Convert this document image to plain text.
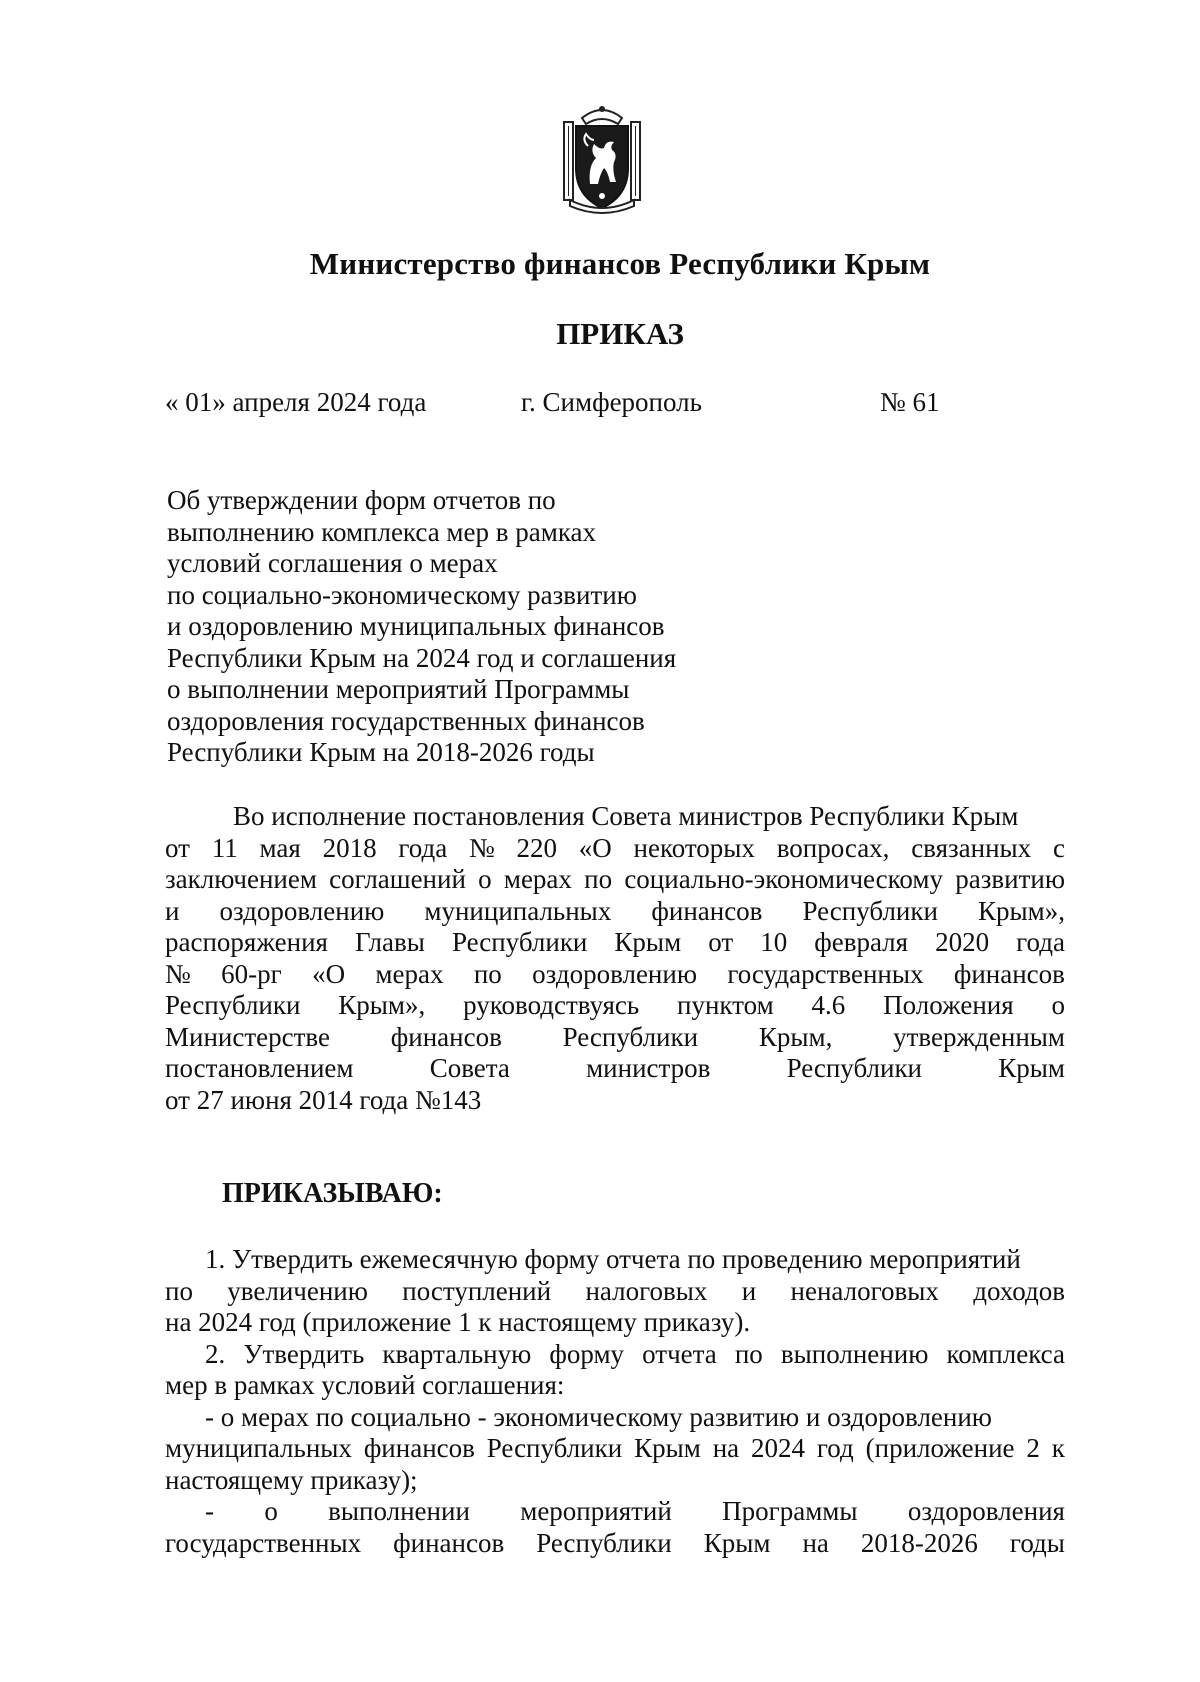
Министерство финансов Республики Крым
ПРИКАЗ
« 01» апреля 2024 года	г. Симферополь	№ 61
Об утверждении форм отчетов по
выполнению комплекса мер в рамках
условий соглашения о мерах
по социально-экономическому развитию
и оздоровлению муниципальных финансов
Республики Крым на 2024 год и соглашения
о выполнении мероприятий Программы
оздоровления государственных финансов
Республики Крым на 2018-2026 годы
Во исполнение постановления Совета министров Республики Крым
от 11 мая 2018 года № 220 «О некоторых вопросах, связанных с
заключением соглашений о мерах по социально-экономическому развитию
и оздоровлению муниципальных финансов Республики Крым»,
распоряжения Главы Республики Крым от 10 февраля 2020 года
№ 60-рг «О мерах по оздоровлению государственных финансов
Республики Крым», руководствуясь пунктом 4.6 Положения о
Министерстве финансов Республики Крым, утвержденным
постановлением	Совета	министров	Республики	Крым
от 27 июня 2014 года №143
ПРИКАЗЫВАЮ:
1. Утвердить ежемесячную форму отчета по проведению мероприятий
по увеличению поступлений налоговых и неналоговых доходов
на 2024 год (приложение 1 к настоящему приказу).
2. Утвердить квартальную форму отчета по выполнению комплекса
мер в рамках условий соглашения:
- о мерах по социально - экономическому развитию и оздоровлению
муниципальных финансов Республики Крым на 2024 год (приложение 2 к
настоящему приказу);
- о выполнении мероприятий Программы оздоровления
государственных финансов Республики Крым на 2018-2026 годы
